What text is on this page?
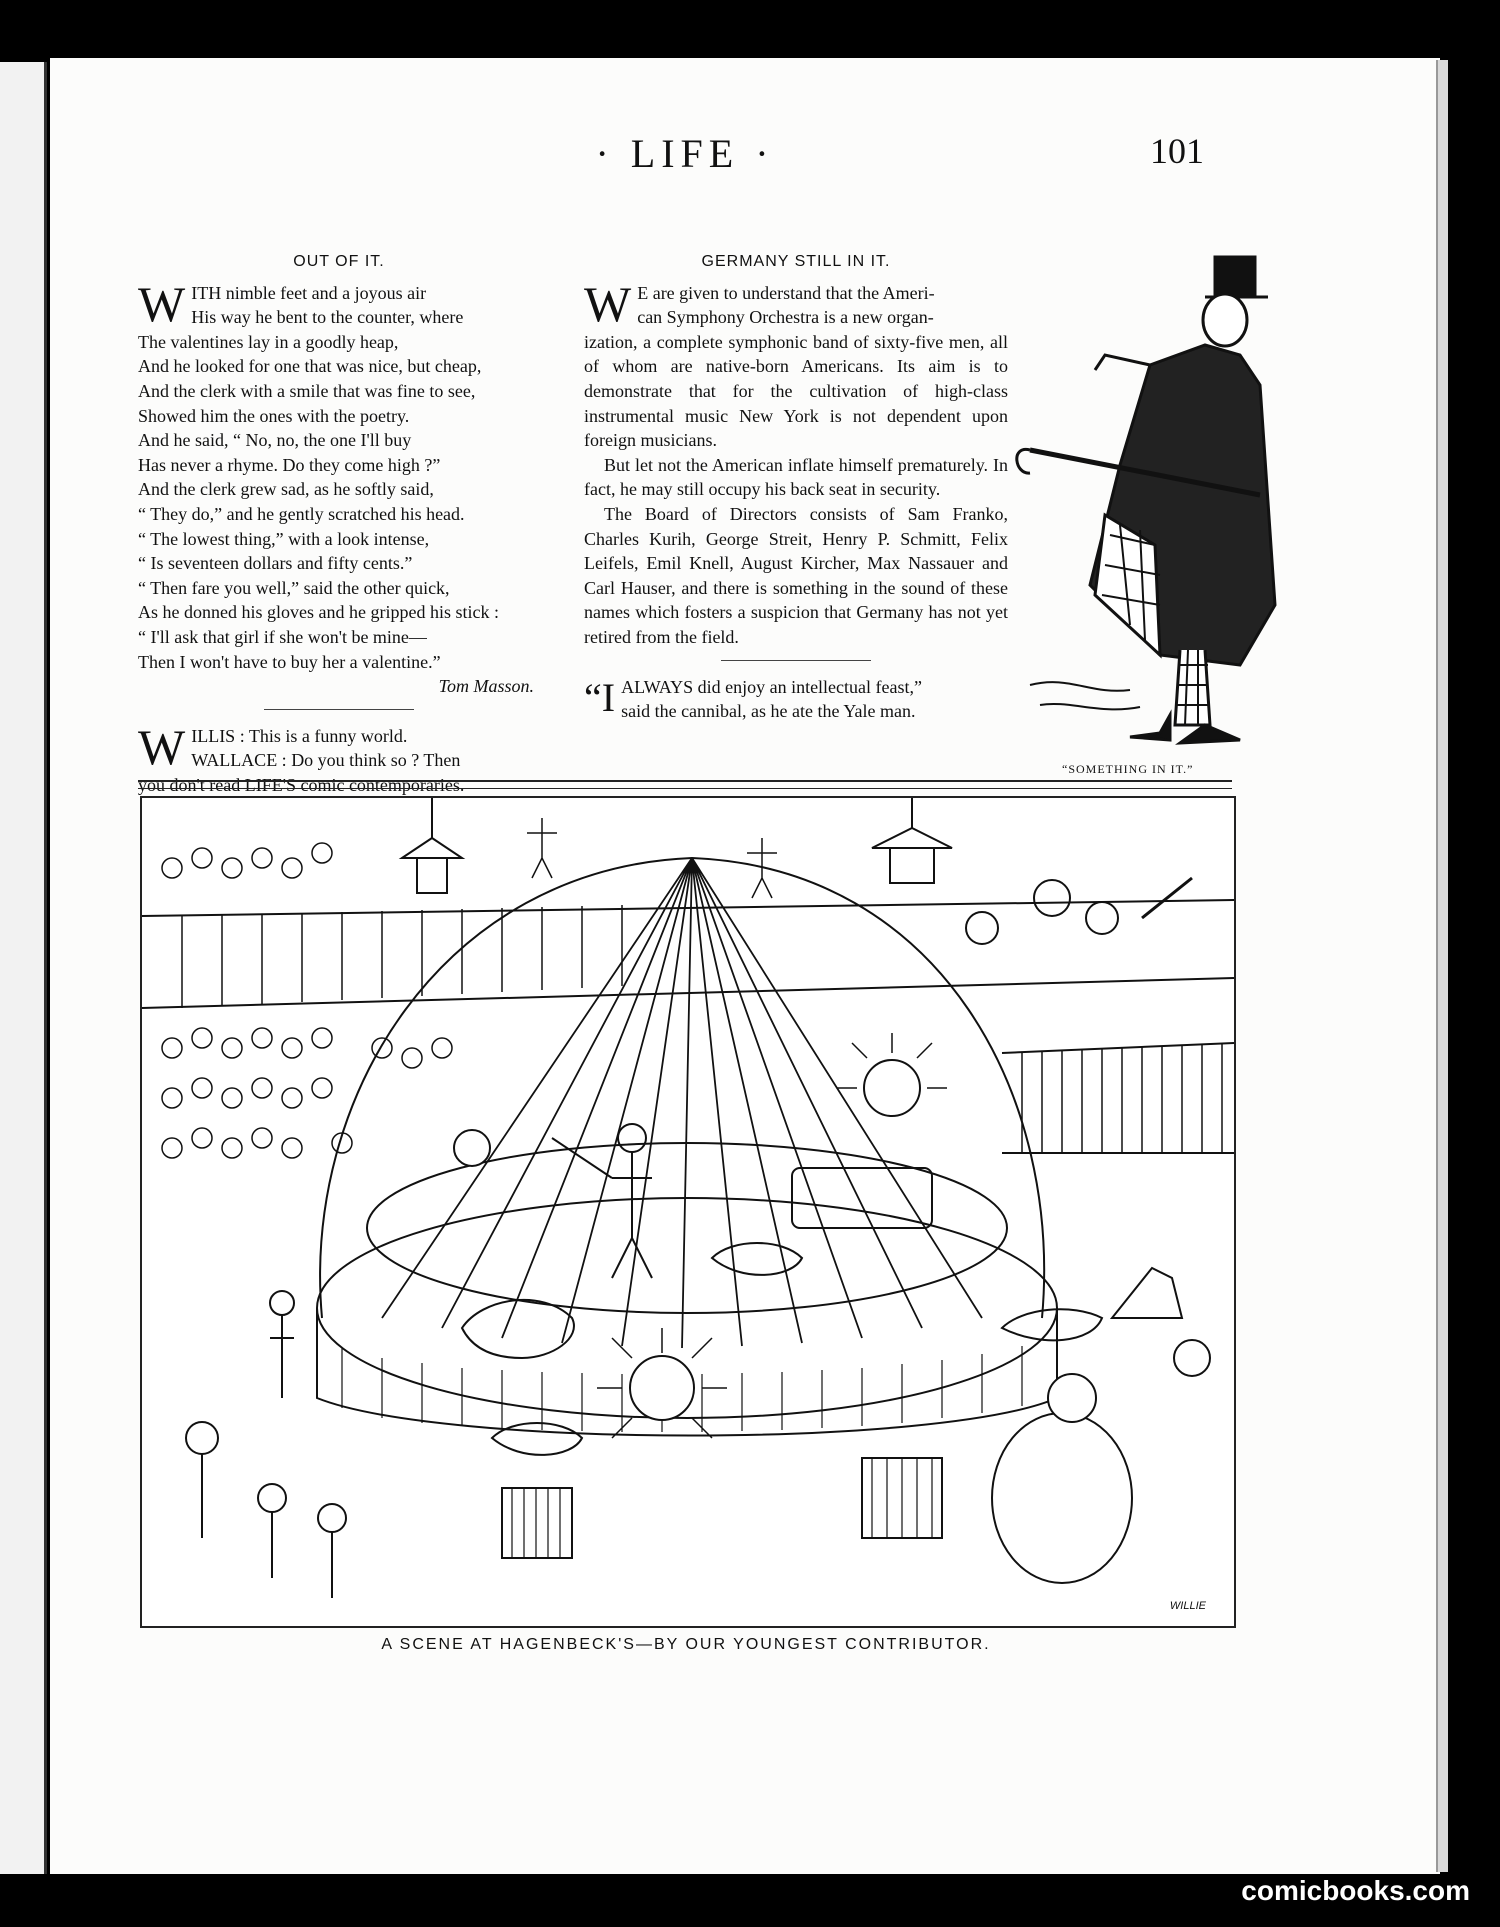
· LIFE ·	101

OUT OF IT.

W ITH nimble feet and a joyous air

His way he bent to the counter, where

The valentines lay in a goodly heap,

And he looked for one that was nice, but cheap,

And the clerk with a smile that was fine to see,

Showed him the ones with the poetry.

And he said, “ No, no, the one I'll buy

Has never a rhyme. Do they come high ?”

And the clerk grew sad, as he softly said,

“ They do,” and he gently scratched his head.

“ The lowest thing,” with a look intense,

“ Is seventeen dollars and fifty cents.”

“ Then fare you well,” said the other quick,

As he donned his gloves and he gripped his stick :

“ I'll ask that girl if she won't be mine—

Then I won't have to buy her a valentine.”

Tom Masson.

W ILLIS : This is a funny world.

WALLACE : Do you think so ? Then

you don't read LIFE'S comic contemporaries.

GERMANY STILL IN IT.

W E are given to understand that the Ameri-

can Symphony Orchestra is a new organ-

ization, a complete symphonic band of sixty-five men, all of whom are native-born Americans. Its aim is to demonstrate that for the cultivation of high-class instrumental music New York is not dependent upon foreign musicians.

But let not the American inflate himself prematurely. In fact, he may still occupy his back seat in security.

The Board of Directors consists of Sam Franko, Charles Kurih, George Streit, Henry P. Schmitt, Felix Leifels, Emil Knell, August Kircher, Max Nassauer and Carl Hauser, and there is something in the sound of these names which fosters a suspicion that Germany has not yet retired from the field.

“I ALWAYS did enjoy an intellectual feast,”

said the cannibal, as he ate the Yale man.

“SOMETHING IN IT.”
WILLIE
A SCENE AT HAGENBECK'S—BY OUR YOUNGEST CONTRIBUTOR.
comicbooks.com
